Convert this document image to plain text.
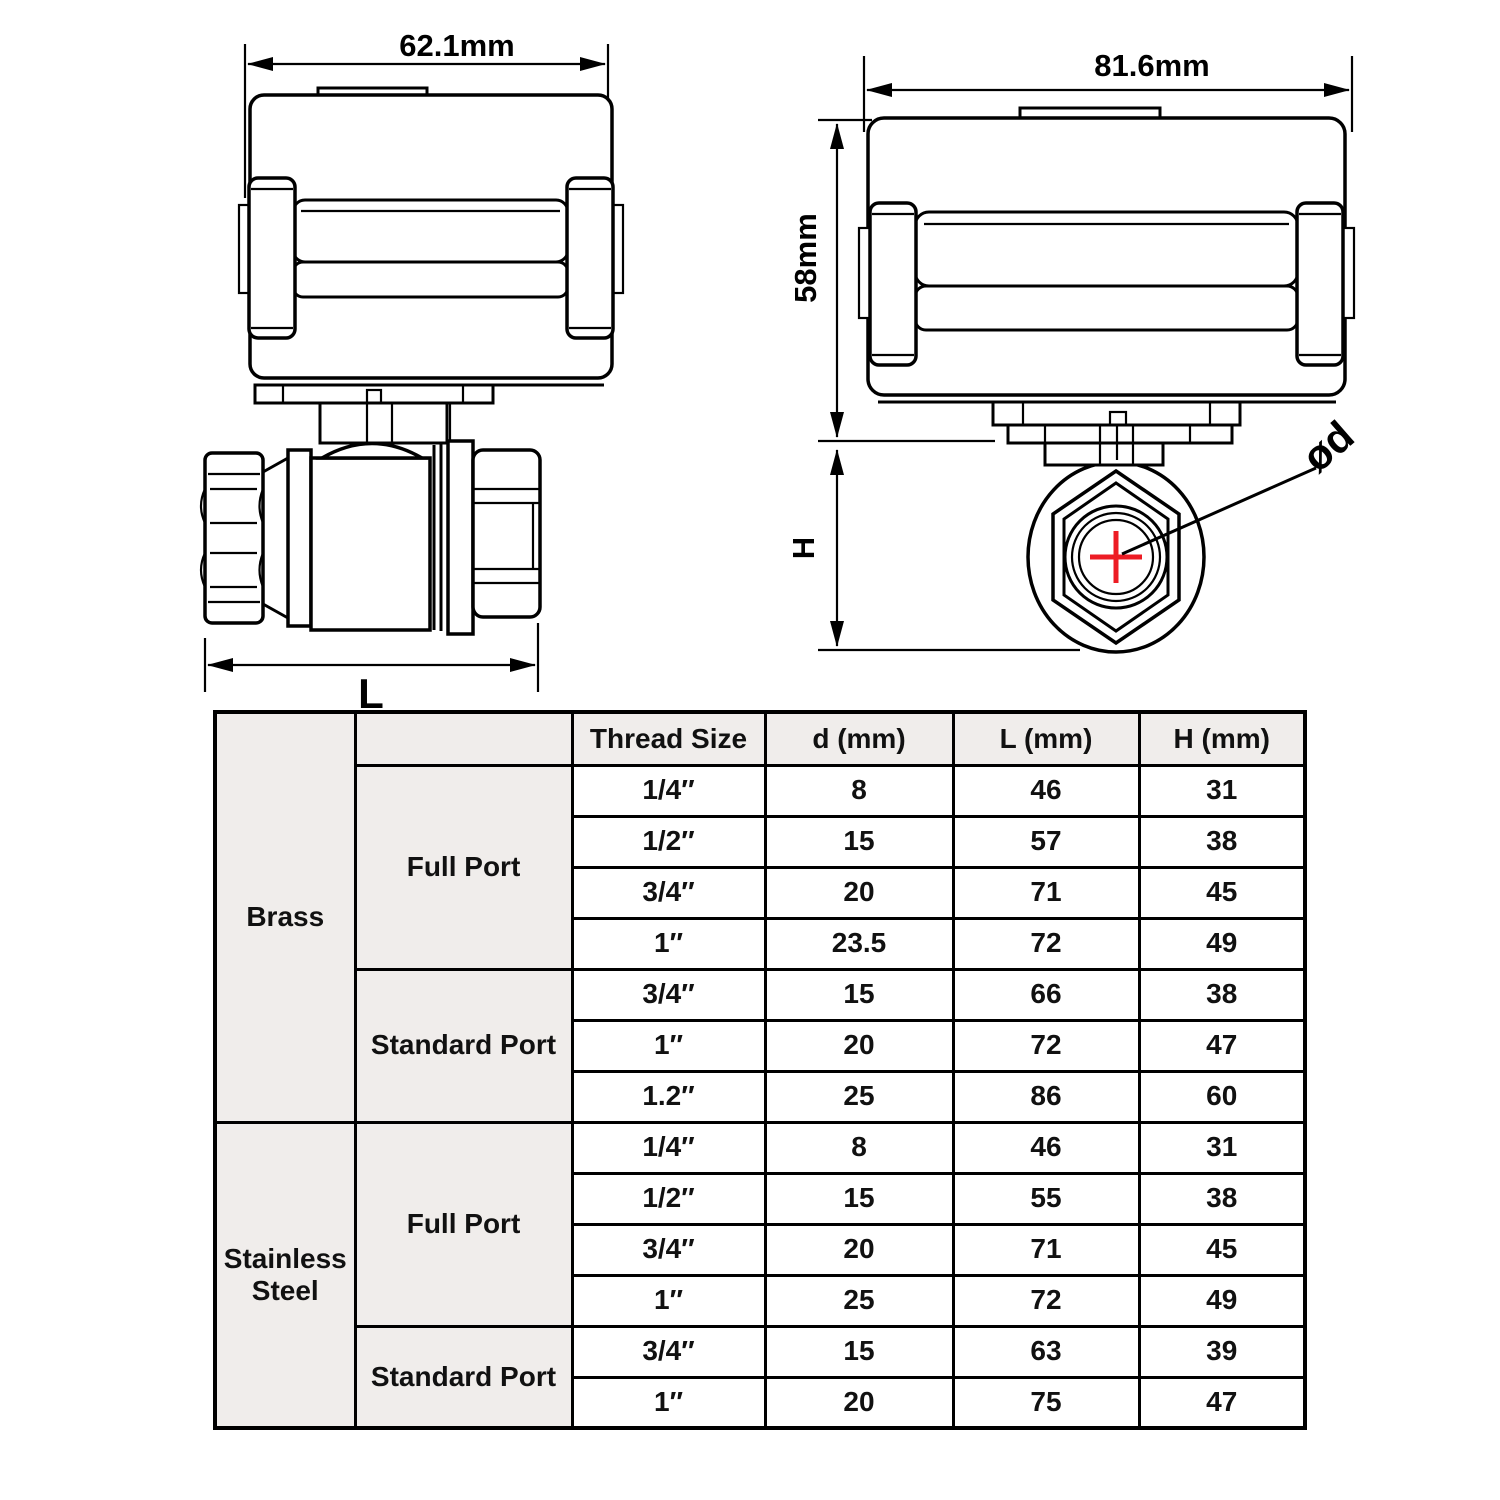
62.1mm
L
81.6mm
ød
58mm
H
Brass		Thread Size	d (mm)	L (mm)	H (mm)
	Full Port	1/4″	8	46	31
		1/2″	15	57	38
		3/4″	20	71	45
		1″	23.5	72	49
	Standard Port	3/4″	15	66	38
		1″	20	72	47
		1.2″	25	86	60
Stainless Steel	Full Port	1/4″	8	46	31
		1/2″	15	55	38
		3/4″	20	71	45
		1″	25	72	49
	Standard Port	3/4″	15	63	39
		1″	20	75	47
